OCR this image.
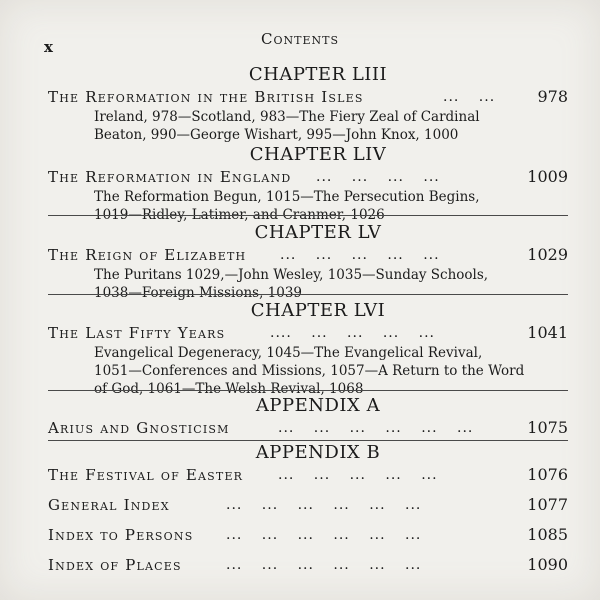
x	Contents
CHAPTER LIII
The Reformation in the British Isles	... ...	978
Ireland, 978—Scotland, 983—The Fiery Zeal of Cardinal
Beaton, 990—George Wishart, 995—John Knox, 1000
CHAPTER LIV
The Reformation in England ... ... ... ...	1009
The Reformation Begun, 1015—The Persecution Begins,
1019—Ridley, Latimer, and Cranmer, 1026
CHAPTER LV
The Reign of Elizabeth ... ... ... ... ...	1029
The Puritans 1029,—John Wesley, 1035—Sunday Schools,
1038—Foreign Missions, 1039
CHAPTER LVI
The Last Fifty Years	.... ... ... ... ...	1041
Evangelical Degeneracy, 1045—The Evangelical Revival,
1051—Conferences and Missions, 1057—A Return to the Word
of God, 1061—The Welsh Revival, 1068
APPENDIX A
Arius and Gnosticism	... ... ... ... ... ...	1075
APPENDIX B
The Festival of Easter ... ... ... ... ...	1076
General Index	... ... ... ... ... ...	1077
Index to Persons ... ... ... ... ... ...	1085
Index of Places	... ... ... ... ... ...	1090
